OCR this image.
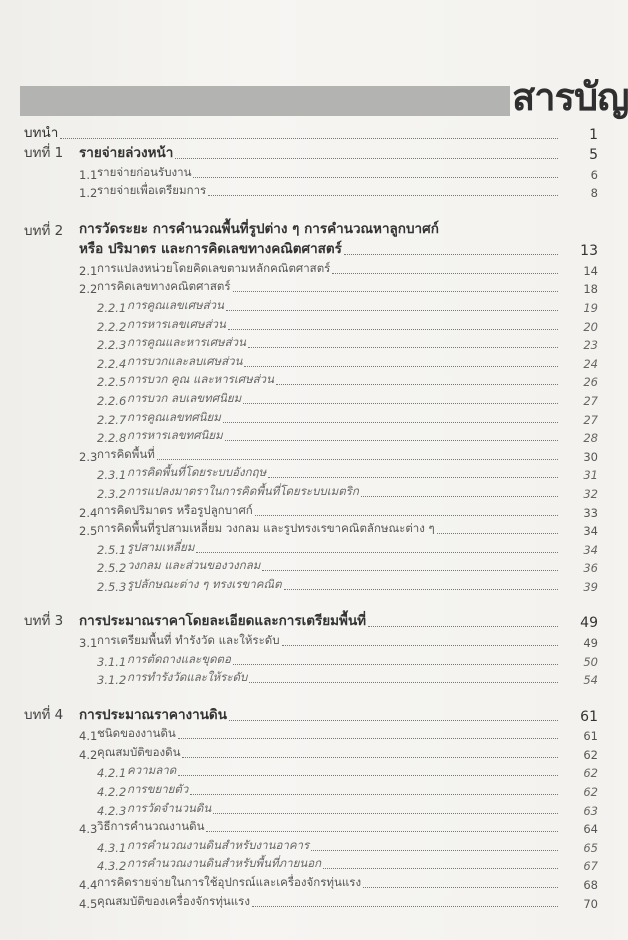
สารบัญ
บทนำ	1
บทที่ 1 รายจ่ายล่วงหน้า	5
1.1 รายจ่ายก่อนรับงาน	6
1.2 รายจ่ายเพื่อเตรียมการ	8
บทที่ 2 การวัดระยะ การคำนวณพื้นที่รูปต่าง ๆ การคำนวณหาลูกบาศก์
หรือ ปริมาตร และการคิดเลขทางคณิตศาสตร์	13
2.1 การแปลงหน่วยโดยคิดเลขตามหลักคณิตศาสตร์	14
2.2 การคิดเลขทางคณิตศาสตร์	18
2.2.1 การคูณเลขเศษส่วน	19
2.2.2 การหารเลขเศษส่วน	20
2.2.3 การคูณและหารเศษส่วน	23
2.2.4 การบวกและลบเศษส่วน	24
2.2.5 การบวก คูณ และหารเศษส่วน	26
2.2.6 การบวก ลบเลขทศนิยม	27
2.2.7 การคูณเลขทศนิยม	27
2.2.8 การหารเลขทศนิยม	28
2.3 การคิดพื้นที่	30
2.3.1 การคิดพื้นที่โดยระบบอังกฤษ	31
2.3.2 การแปลงมาตราในการคิดพื้นที่โดยระบบเมตริก	32
2.4 การคิดปริมาตร หรือรูปลูกบาศก์	33
2.5 การคิดพื้นที่รูปสามเหลี่ยม วงกลม และรูปทรงเรขาคณิตลักษณะต่าง ๆ	34
2.5.1 รูปสามเหลี่ยม	34
2.5.2 วงกลม และส่วนของวงกลม	36
2.5.3 รูปลักษณะต่าง ๆ ทรงเรขาคณิต	39
บทที่ 3 การประมาณราคาโดยละเอียดและการเตรียมพื้นที่	49
3.1 การเตรียมพื้นที่ ทำรังวัด และให้ระดับ	49
3.1.1 การตัดถางและขุดตอ	50
3.1.2 การทำรังวัดและให้ระดับ	54
บทที่ 4 การประมาณราคางานดิน	61
4.1 ชนิดของงานดิน	61
4.2 คุณสมบัติของดิน	62
4.2.1 ความลาด	62
4.2.2 การขยายตัว	62
4.2.3 การวัดจำนวนดิน	63
4.3 วิธีการคำนวณงานดิน	64
4.3.1 การคำนวณงานดินสำหรับงานอาคาร	65
4.3.2 การคำนวณงานดินสำหรับพื้นที่ภายนอก	67
4.4 การคิดรายจ่ายในการใช้อุปกรณ์และเครื่องจักรทุ่นแรง	68
4.5 คุณสมบัติของเครื่องจักรทุ่นแรง	70
